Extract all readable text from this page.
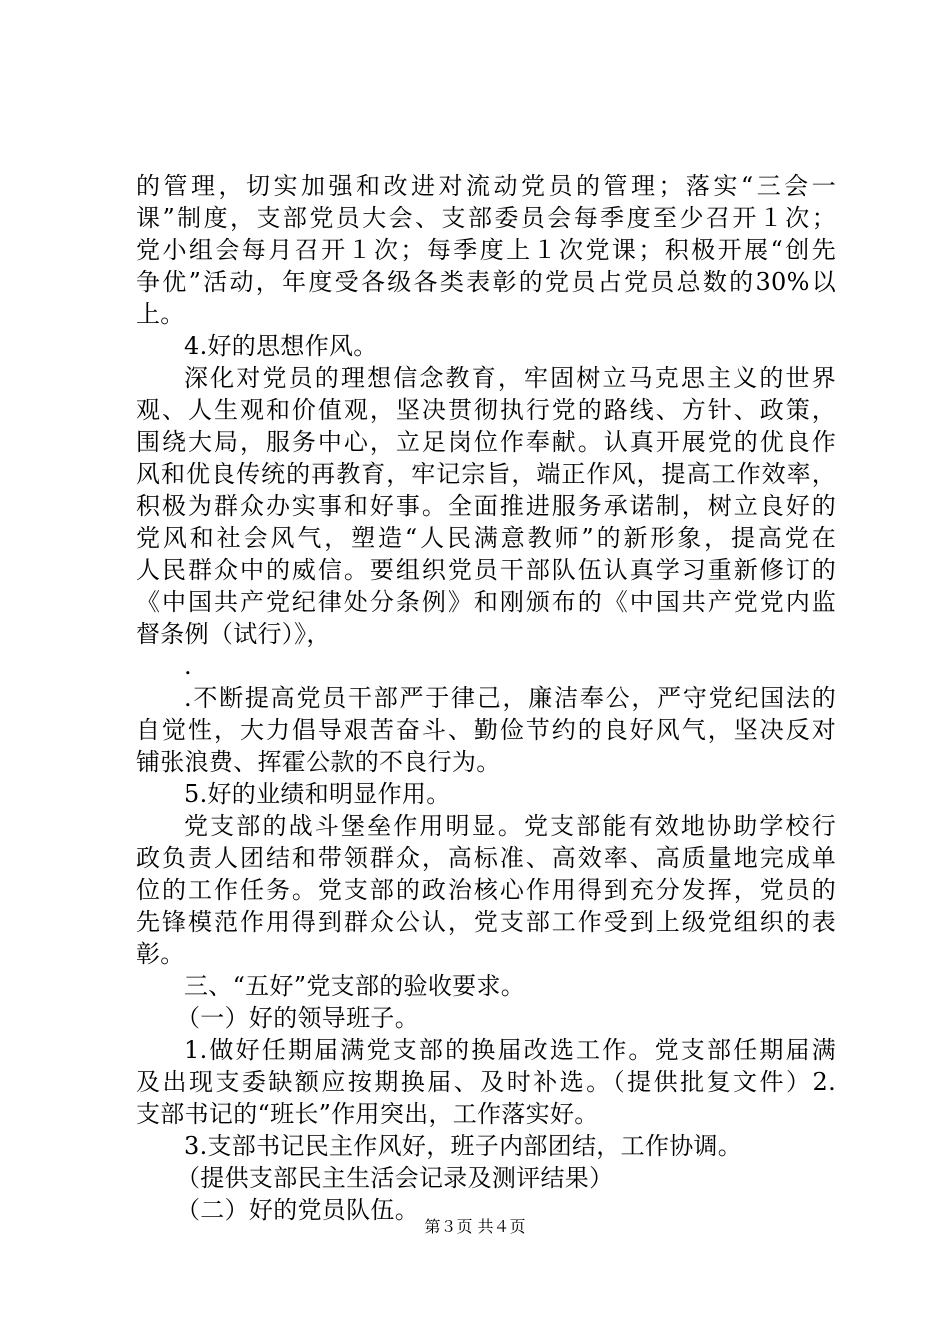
的管理，切实加强和改进对流动党员的管理；落实“三会一
课”制度，支部党员大会、支部委员会每季度至少召开１次；
党小组会每月召开１次；每季度上１次党课；积极开展“创先
争优”活动，年度受各级各类表彰的党员占党员总数的30%以
上。
4.好的思想作风。
深化对党员的理想信念教育，牢固树立马克思主义的世界
观、人生观和价值观，坚决贯彻执行党的路线、方针、政策，
围绕大局，服务中心，立足岗位作奉献。认真开展党的优良作
风和优良传统的再教育，牢记宗旨，端正作风，提高工作效率，
积极为群众办实事和好事。全面推进服务承诺制，树立良好的
党风和社会风气，塑造“人民满意教师”的新形象，提高党在
人民群众中的威信。要组织党员干部队伍认真学习重新修订的
《中国共产党纪律处分条例》和刚颁布的《中国共产党党内监
督条例（试行）》，
.
.不断提高党员干部严于律己，廉洁奉公，严守党纪国法的
自觉性，大力倡导艰苦奋斗、勤俭节约的良好风气，坚决反对
铺张浪费、挥霍公款的不良行为。
5.好的业绩和明显作用。
党支部的战斗堡垒作用明显。党支部能有效地协助学校行
政负责人团结和带领群众，高标准、高效率、高质量地完成单
位的工作任务。党支部的政治核心作用得到充分发挥，党员的
先锋模范作用得到群众公认，党支部工作受到上级党组织的表
彰。
三、“五好”党支部的验收要求。
（一）好的领导班子。
1.做好任期届满党支部的换届改选工作。党支部任期届满
及出现支委缺额应按期换届、及时补选。（提供批复文件）2.
支部书记的“班长”作用突出，工作落实好。
3.支部书记民主作风好，班子内部团结，工作协调。
（提供支部民主生活会记录及测评结果）
（二）好的党员队伍。
第３页 共４页
